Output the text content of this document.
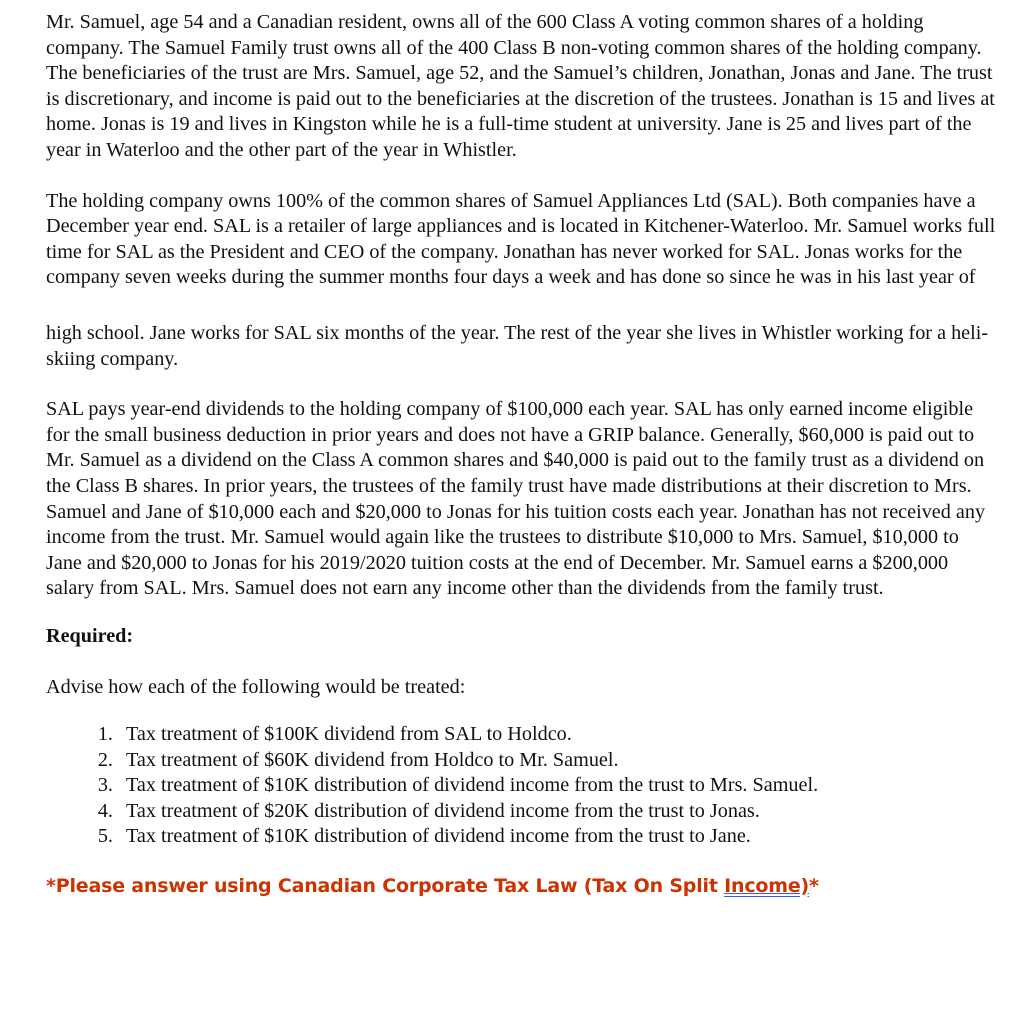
Mr. Samuel, age 54 and a Canadian resident, owns all of the 600 Class A voting common shares of a holding company. The Samuel Family trust owns all of the 400 Class B non-voting common shares of the holding company. The beneficiaries of the trust are Mrs. Samuel, age 52, and the Samuel’s children, Jonathan, Jonas and Jane. The trust is discretionary, and income is paid out to the beneficiaries at the discretion of the trustees. Jonathan is 15 and lives at home. Jonas is 19 and lives in Kingston while he is a full-time student at university. Jane is 25 and lives part of the year in Waterloo and the other part of the year in Whistler.

The holding company owns 100% of the common shares of Samuel Appliances Ltd (SAL). Both companies have a December year end. SAL is a retailer of large appliances and is located in Kitchener-Waterloo. Mr. Samuel works full time for SAL as the President and CEO of the company. Jonathan has never worked for SAL. Jonas works for the company seven weeks during the summer months four days a week and has done so since he was in his last year of

high school. Jane works for SAL six months of the year. The rest of the year she lives in Whistler working for a heli-skiing company.

SAL pays year-end dividends to the holding company of $100,000 each year. SAL has only earned income eligible for the small business deduction in prior years and does not have a GRIP balance. Generally, $60,000 is paid out to Mr. Samuel as a dividend on the Class A common shares and $40,000 is paid out to the family trust as a dividend on the Class B shares. In prior years, the trustees of the family trust have made distributions at their discretion to Mrs. Samuel and Jane of $10,000 each and $20,000 to Jonas for his tuition costs each year. Jonathan has not received any income from the trust. Mr. Samuel would again like the trustees to distribute $10,000 to Mrs. Samuel, $10,000 to Jane and $20,000 to Jonas for his 2019/2020 tuition costs at the end of December. Mr. Samuel earns a $200,000 salary from SAL. Mrs. Samuel does not earn any income other than the dividends from the family trust.

Required:

Advise how each of the following would be treated:

1. Tax treatment of $100K dividend from SAL to Holdco.
2. Tax treatment of $60K dividend from Holdco to Mr. Samuel.
3. Tax treatment of $10K distribution of dividend income from the trust to Mrs. Samuel.
4. Tax treatment of $20K distribution of dividend income from the trust to Jonas.
5. Tax treatment of $10K distribution of dividend income from the trust to Jane.

*Please answer using Canadian Corporate Tax Law (Tax On Split Income)*
